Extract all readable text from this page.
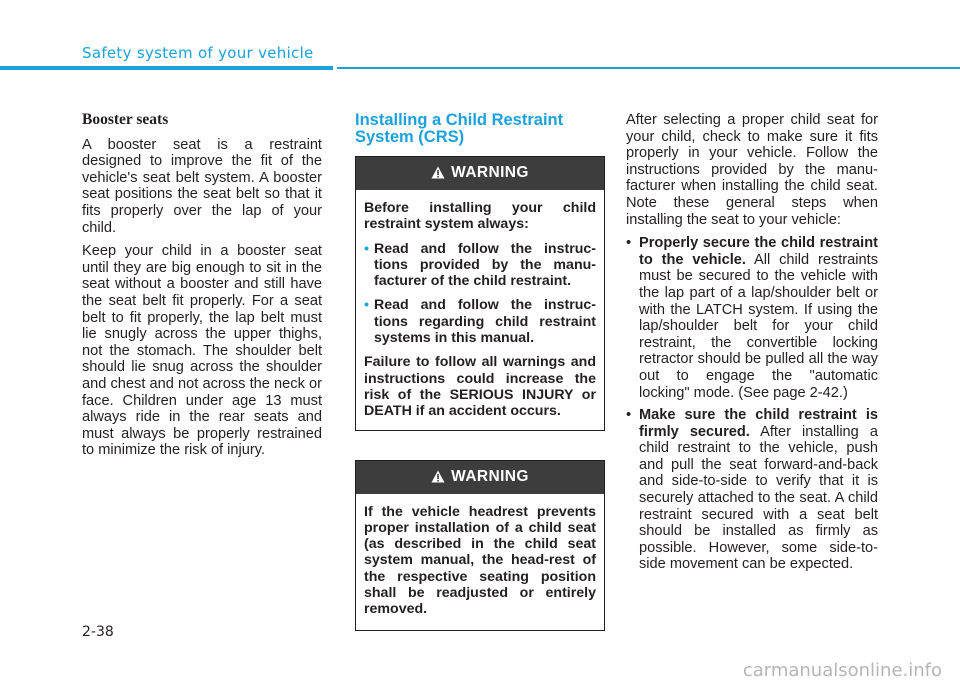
Safety system of your vehicle
Booster seats

A booster seat is a restraint designed to improve the fit of the vehicle's seat belt system. A booster seat positions the seat belt so that it fits properly over the lap of your child.

Keep your child in a booster seat until they are big enough to sit in the seat without a booster and still have the seat belt fit properly. For a seat belt to fit properly, the lap belt must lie snugly across the upper thighs, not the stomach. The shoulder belt should lie snug across the shoulder and chest and not across the neck or face. Children under age 13 must always ride in the rear seats and must always be properly restrained to minimize the risk of injury.

Installing a Child Restraint System (CRS)
WARNING

Before installing your child restraint system always:

• Read and follow the instruc-tions provided by the manu-facturer of the child restraint.
• Read and follow the instruc-tions regarding child restraint systems in this manual.

Failure to follow all warnings and instructions could increase the risk of the SERIOUS INJURY or DEATH if an accident occurs.

WARNING

If the vehicle headrest prevents proper installation of a child seat (as described in the child seat system manual, the head-rest of the respective seating position shall be readjusted or entirely removed.

After selecting a proper child seat for your child, check to make sure it fits properly in your vehicle. Follow the instructions provided by the manu-facturer when installing the child seat. Note these general steps when installing the seat to your vehicle:

• Properly secure the child restraint to the vehicle. All child restraints must be secured to the vehicle with the lap part of a lap/shoulder belt or with the LATCH system. If using the lap/shoulder belt for your child restraint, the convertible locking retractor should be pulled all the way out to engage the "automatic locking" mode. (See page 2-42.)
• Make sure the child restraint is firmly secured. After installing a child restraint to the vehicle, push and pull the seat forward-and-back and side-to-side to verify that it is securely attached to the seat. A child restraint secured with a seat belt should be installed as firmly as possible. However, some side-to-side movement can be expected.
2-38
carmanualsonline.info
